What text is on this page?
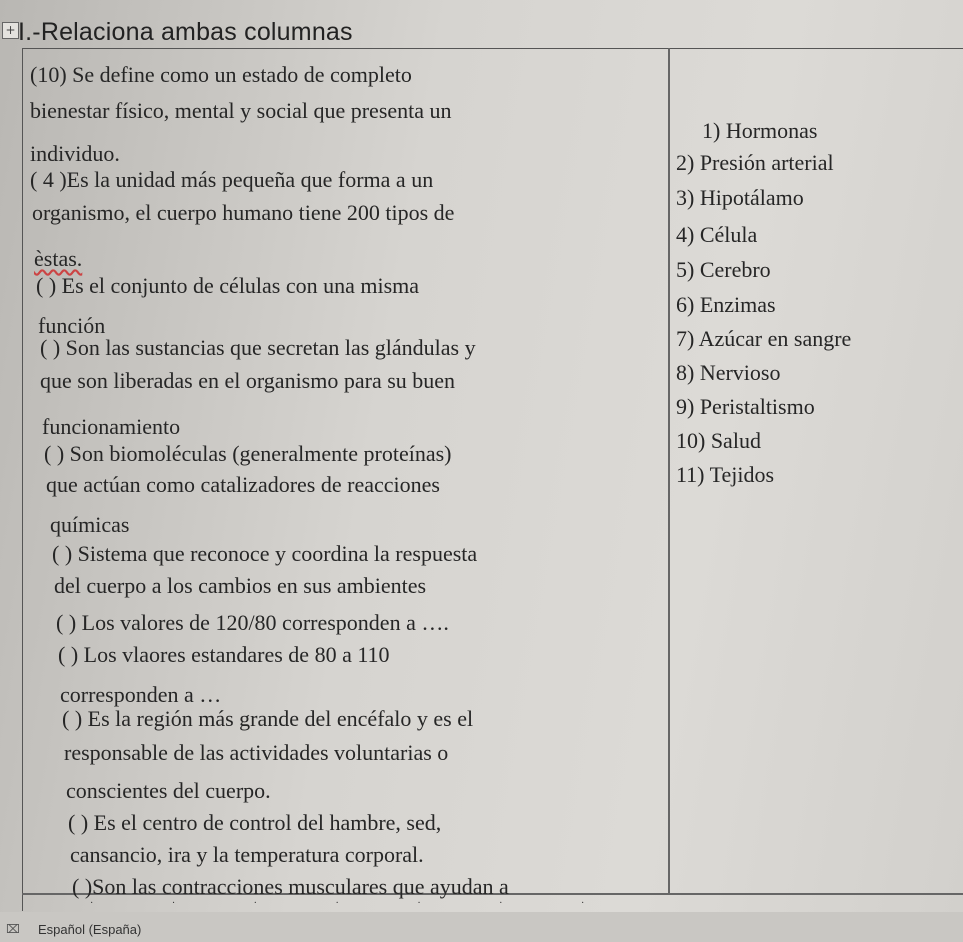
+ I.-Relaciona ambas columnas
(10) Se define como un estado de completo
bienestar físico, mental y social que presenta un
individuo.
( 4 )Es la unidad más pequeña que forma a un
organismo, el cuerpo humano tiene 200 tipos de
èstas.
( ) Es el conjunto de células con una misma
función
( ) Son las sustancias que secretan las glándulas y
que son liberadas en el organismo para su buen
funcionamiento
( ) Son biomoléculas (generalmente proteínas)
que actúan como catalizadores de reacciones
químicas
( ) Sistema que reconoce y coordina la respuesta
del cuerpo a los cambios en sus ambientes
( ) Los valores de 120/80 corresponden a ….
( ) Los vlaores estandares de 80 a 110
corresponden a …
( ) Es la región más grande del encéfalo y es el
responsable de las actividades voluntarias o
conscientes del cuerpo.
( ) Es el centro de control del hambre, sed,
cansancio, ira y la temperatura corporal.
( )Son las contracciones musculares que ayudan a
1) Hormonas
2) Presión arterial
3) Hipotálamo
4) Célula
5) Cerebro
6) Enzimas
7) Azúcar en sangre
8) Nervioso
9) Peristaltismo
10) Salud
11) Tejidos
· · · · · · ·
⌧ Español (España)
